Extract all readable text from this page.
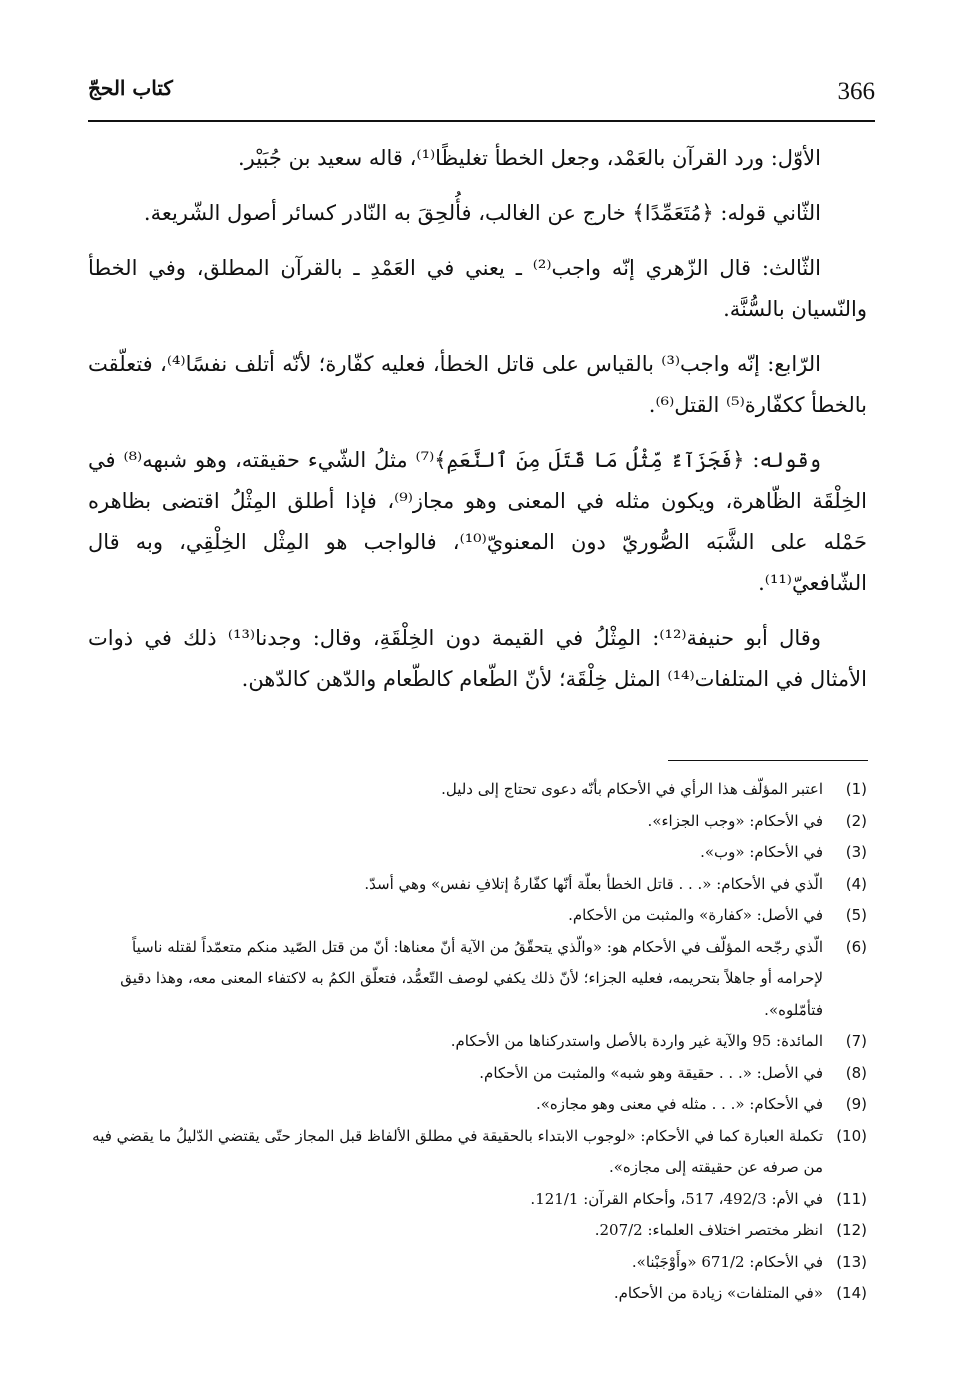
366
كتاب الحجّ

الأوّل: ورد القرآن بالعَمْد، وجعل الخطأ تغليظًا⁽¹⁾، قاله سعيد بن جُبَيْر.

الثّاني قوله: ﴿مُتَعَمِّدًا﴾ خارج عن الغالب، فأُلحِقَ به النّادر كسائر أصول الشّريعة.

الثّالث: قال الزّهري إنّه واجب⁽²⁾ ـ يعني في العَمْدِ ـ بالقرآن المطلق، وفي الخطأ والنّسيان بالسُّنَّة.

الرّابع: إنّه واجب⁽³⁾ بالقياس على قاتل الخطأ، فعليه كفّارة؛ لأنّه أتلف نفسًا⁽⁴⁾، فتعلّقت بالخطأ ككفّارة⁽⁵⁾ القتل⁽⁶⁾.

وقوله: ﴿فَجَزَآءٌ مِّثْلُ مَا قَتَلَ مِنَ ٱلنَّعَمِ﴾⁽⁷⁾ مثلُ الشّيء حقيقته، وهو شبهه⁽⁸⁾ في الخِلْقَة الظّاهرة، ويكون مثله في المعنى وهو مجاز⁽⁹⁾، فإذا أطلق المِثْلُ اقتضى بظاهره حَمْله على الشَّبَه الصُّوريّ دون المعنويّ⁽¹⁰⁾، فالواجب هو المِثْل الخِلْقِي، وبه قال الشّافعيّ⁽¹¹⁾.

وقال أبو حنيفة⁽¹²⁾: المِثْلُ في القيمة دون الخِلْقَةِ، وقال: وجدنا⁽¹³⁾ ذلك في ذوات الأمثال في المتلفات⁽¹⁴⁾ المثل خِلْقَة؛ لأنّ الطّعام كالطّعام والدّهن كالدّهن.

(1)
اعتبر المؤلّف هذا الرأي في الأحكام بأنّه دعوى تحتاج إلى دليل.
(2)
في الأحكام: «وجب الجزاء».
(3)
في الأحكام: «وب».
(4)
الّذي في الأحكام: «. . . قاتل الخطأ بعلّة أنّها كفّارةُ إتلافِ نفس» وهي أسدّ.
(5)
في الأصل: «كفارة» والمثبت من الأحكام.
(6)
الّذي رجّحه المؤلّف في الأحكام هو: «والّذي يتحقّقُ من الآية أنّ معناها: أنّ من قتل الصّيد منكم متعمّداً لقتله ناسياً لإحرامه أو جاهلاً بتحريمه، فعليه الجزاء؛ لأنّ ذلك يكفي لوصف التّعمُّد، فتعلّق الكمُ به لاكتفاء المعنى معه، وهذا دقيق فتأمّلوه».
(7)
المائدة: 95 والآية غير واردة بالأصل واستدركناها من الأحكام.
(8)
في الأصل: «. . . حقيقة وهو شبه» والمثبت من الأحكام.
(9)
في الأحكام: «. . . مثله في معنى وهو مجازه».
(10)
تكملة العبارة كما في الأحكام: «لوجوب الابتداء بالحقيقة في مطلق الألفاظ قبل المجاز حتّى يقتضي الدّليلُ ما يقضي فيه من صرفه عن حقيقته إلى مجازه».
(11)
في الأم: 492/3، 517، وأحكام القرآن: 121/1.
(12)
انظر مختصر اختلاف العلماء: 207/2.
(13)
في الأحكام: 671/2 «وأَوْجَبْنا».
(14)
«في المتلفات» زيادة من الأحكام.
